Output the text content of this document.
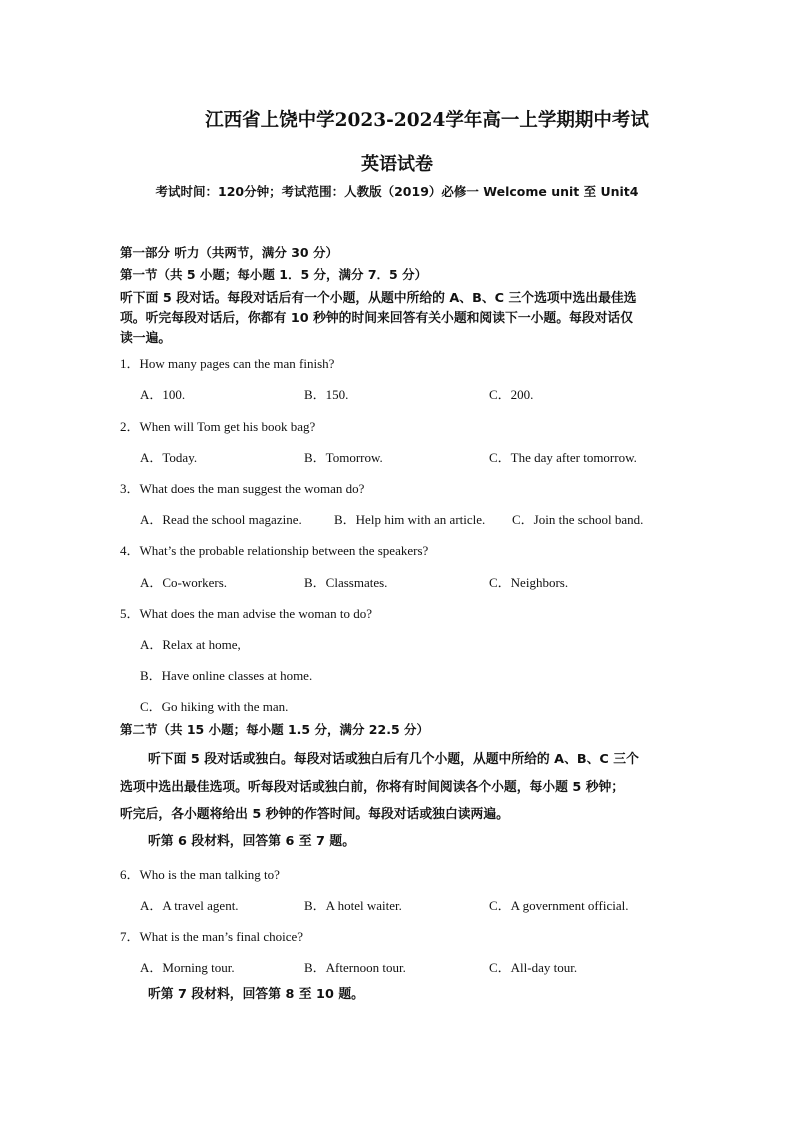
江西省上饶中学2023-2024学年高一上学期期中考试
英语试卷
考试时间：120分钟；考试范围：人教版（2019）必修一 Welcome unit 至 Unit4
第一部分 听力（共两节，满分 30 分）
第一节（共 5 小题；每小题 1．5 分，满分 7．5 分）
听下面 5 段对话。每段对话后有一个小题，从题中所给的 A、B、C 三个选项中选出最佳选
项。听完每段对话后，你都有 10 秒钟的时间来回答有关小题和阅读下一小题。每段对话仅
读一遍。
1．How many pages can the man finish?
A．100.	B．150.	C．200.
2．When will Tom get his book bag?
A．Today.	B．Tomorrow.	C．The day after tomorrow.
3．What does the man suggest the woman do?
A．Read the school magazine. B．Help him with an article. C．Join the school band.
4．What’s the probable relationship between the speakers?
A．Co-workers.	B．Classmates.	C．Neighbors.
5．What does the man advise the woman to do?
A．Relax at home,
B．Have online classes at home.
C．Go hiking with the man.
第二节（共 15 小题；每小题 1.5 分，满分 22.5 分）
听下面 5 段对话或独白。每段对话或独白后有几个小题，从题中所给的 A、B、C 三个
选项中选出最佳选项。听每段对话或独白前，你将有时间阅读各个小题，每小题 5 秒钟；
听完后，各小题将给出 5 秒钟的作答时间。每段对话或独白读两遍。
听第 6 段材料，回答第 6 至 7 题。
6．Who is the man talking to?
A．A travel agent.	B．A hotel waiter.	C．A government official.
7．What is the man’s final choice?
A．Morning tour.	B．Afternoon tour.	C．All-day tour.
听第 7 段材料，回答第 8 至 10 题。
